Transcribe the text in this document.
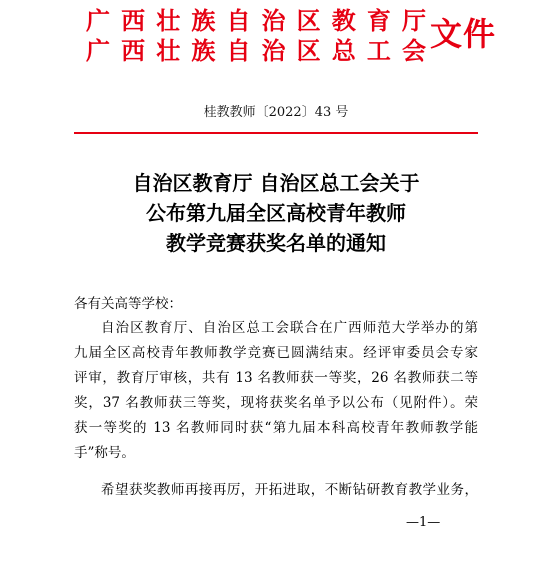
广 西 壮 族 自 治 区 教 育 厅
广 西 壮 族 自 治 区 总 工 会 文件
桂教教师〔2022〕43 号
自治区教育厅 自治区总工会关于
公布第九届全区高校青年教师
教学竞赛获奖名单的通知
各有关高等学校：
自治区教育厅、自治区总工会联合在广西师范大学举办的第
九届全区高校青年教师教学竞赛已圆满结束。经评审委员会专家
评审，教育厅审核，共有 13 名教师获一等奖，26 名教师获二等
奖，37 名教师获三等奖，现将获奖名单予以公布（见附件）。荣
获一等奖的 13 名教师同时获“第九届本科高校青年教师教学能
手”称号。
希望获奖教师再接再厉，开拓进取，不断钻研教育教学业务，
—1—
